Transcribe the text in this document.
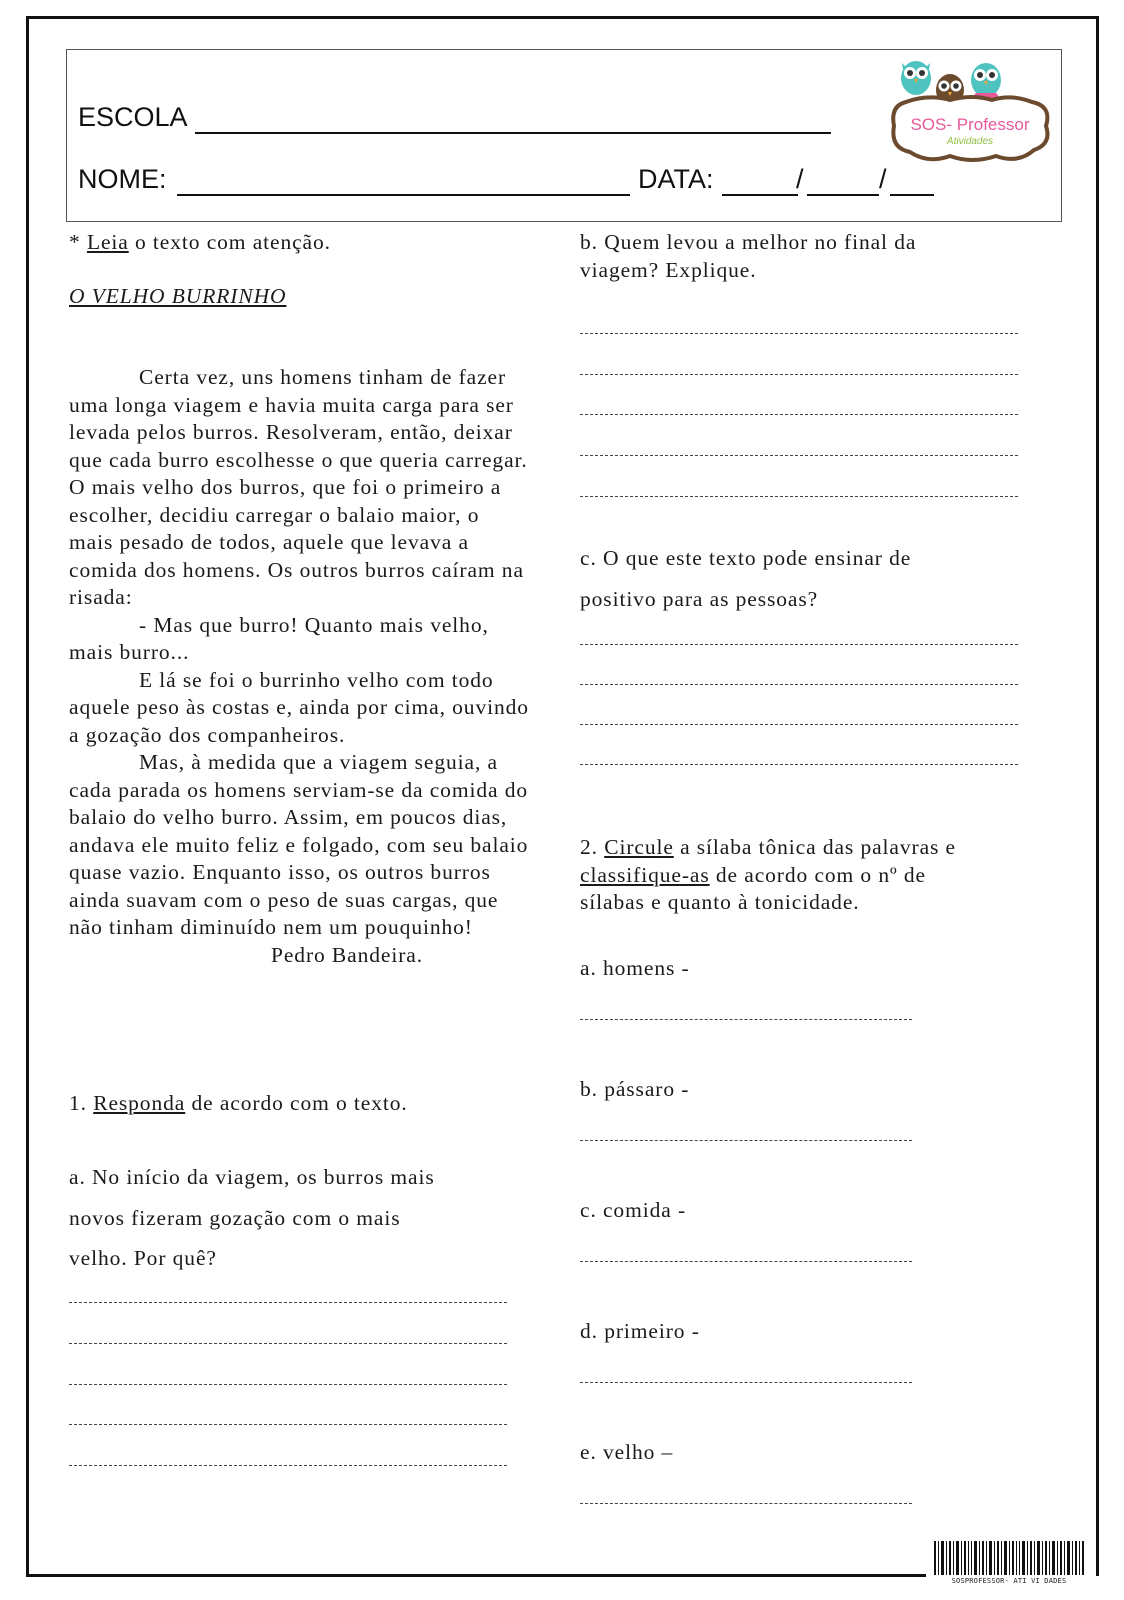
ESCOLA
NOME:	DATA:	/	/
SOS- Professor
Atividades
* Leia o texto com atenção.
O VELHO BURRINHO

Certa vez, uns homens tinham de fazer uma longa viagem e havia muita carga para ser levada pelos burros. Resolveram, então, deixar que cada burro escolhesse o que queria carregar. O mais velho dos burros, que foi o primeiro a escolher, decidiu carregar o balaio maior, o mais pesado de todos, aquele que levava a comida dos homens. Os outros burros caíram na risada:

- Mas que burro! Quanto mais velho, mais burro...

E lá se foi o burrinho velho com todo aquele peso às costas e, ainda por cima, ouvindo a gozação dos companheiros.

Mas, à medida que a viagem seguia, a cada parada os homens serviam-se da comida do balaio do velho burro. Assim, em poucos dias, andava ele muito feliz e folgado, com seu balaio quase vazio. Enquanto isso, os outros burros ainda suavam com o peso de suas cargas, que não tinham diminuído nem um pouquinho!

Pedro Bandeira.

1. Responda de acordo com o texto.

a. No início da viagem, os burros mais

novos fizeram gozação com o mais

velho. Por quê?

b. Quem levou a melhor no final da

viagem? Explique.

c. O que este texto pode ensinar de

positivo para as pessoas?

2. Circule a sílaba tônica das palavras e

classifique-as de acordo com o nº de

sílabas e quanto à tonicidade.

a. homens -
b. pássaro -
c. comida -
d. primeiro -
e. velho –
SOSPROFESSOR- ATI VI DADES
